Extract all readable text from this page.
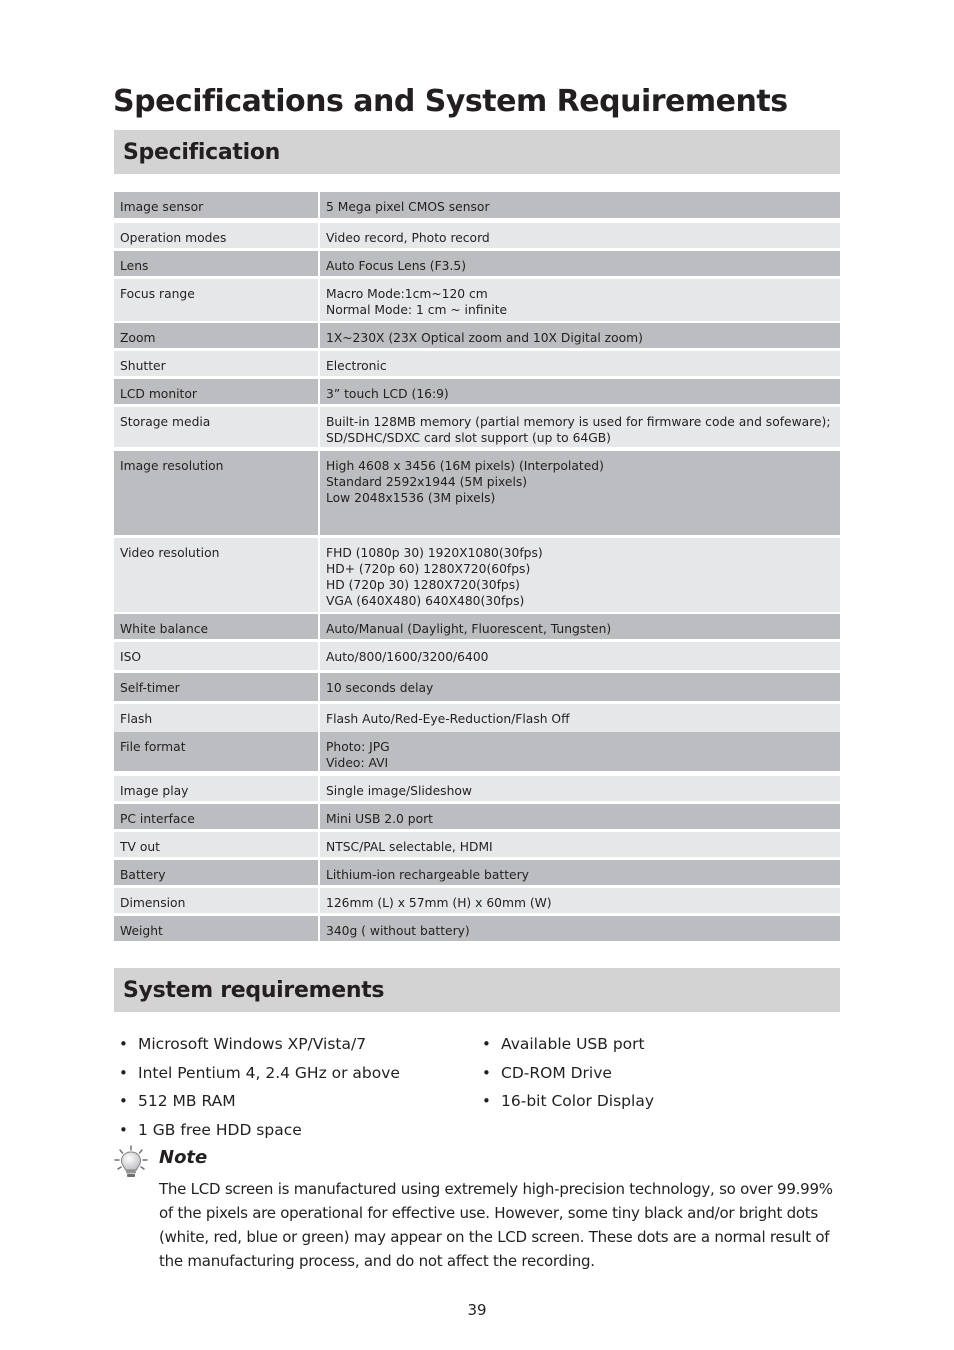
Specifications and System Requirements
Specification
Image sensor	5 Mega pixel CMOS sensor
Operation modes	Video record, Photo record
Lens	Auto Focus Lens (F3.5)
Focus range	Macro Mode:1cm~120 cm
Normal Mode: 1 cm ~ infinite
Zoom	1X~230X (23X Optical zoom and 10X Digital zoom)
Shutter	Electronic
LCD monitor	3” touch LCD (16:9)
Storage media	Built-in 128MB memory (partial memory is used for firmware code and sofeware);
SD/SDHC/SDXC card slot support (up to 64GB)
Image resolution	High 4608 x 3456 (16M pixels) (Interpolated)
Standard 2592x1944 (5M pixels)
Low 2048x1536 (3M pixels)
Video resolution	FHD (1080p 30) 1920X1080(30fps)
HD+ (720p 60) 1280X720(60fps)
HD (720p 30) 1280X720(30fps)
VGA (640X480) 640X480(30fps)
White balance	Auto/Manual (Daylight, Fluorescent, Tungsten)
ISO	Auto/800/1600/3200/6400
Self-timer	10 seconds delay
Flash	Flash Auto/Red-Eye-Reduction/Flash Off
File format	Photo: JPG
Video: AVI
Image play	Single image/Slideshow
PC interface	Mini USB 2.0 port
TV out	NTSC/PAL selectable, HDMI
Battery	Lithium-ion rechargeable battery
Dimension	126mm (L) x 57mm (H) x 60mm (W)
Weight	340g ( without battery)
System requirements
• Microsoft Windows XP/Vista/7
• Intel Pentium 4, 2.4 GHz or above
• 512 MB RAM
• 1 GB free HDD space
• Available USB port
• CD-ROM Drive
• 16-bit Color Display
Note

The LCD screen is manufactured using extremely high-precision technology, so over 99.99% of the pixels are operational for effective use. However, some tiny black and/or bright dots (white, red, blue or green) may appear on the LCD screen. These dots are a normal result of the manufacturing process, and do not affect the recording.

39
